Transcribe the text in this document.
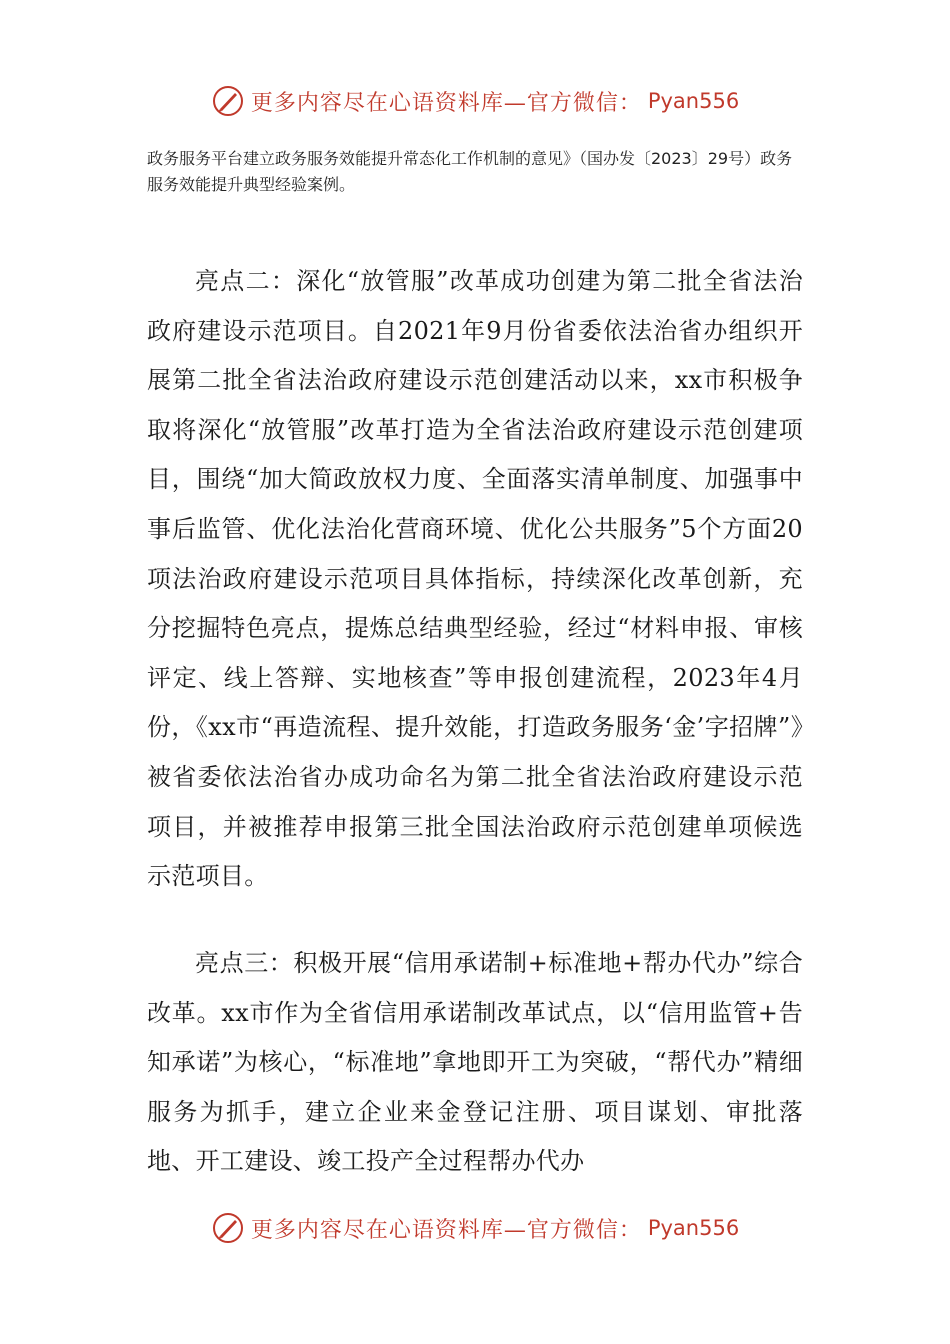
更多内容尽在心语资料库—官方微信： Pyan556
政务服务平台建立政务服务效能提升常态化工作机制的意见》（国办发〔2023〕29号）政务服务效能提升典型经验案例。

亮点二：深化“放管服”改革成功创建为第二批全省法治政府建设示范项目。自2021年9月份省委依法治省办组织开展第二批全省法治政府建设示范创建活动以来，xx市积极争取将深化“放管服”改革打造为全省法治政府建设示范创建项目，围绕“加大简政放权力度、全面落实清单制度、加强事中事后监管、优化法治化营商环境、优化公共服务”5个方面20项法治政府建设示范项目具体指标，持续深化改革创新，充分挖掘特色亮点，提炼总结典型经验，经过“材料申报、审核评定、线上答辩、实地核查”等申报创建流程，2023年4月份，《xx市“再造流程、提升效能，打造政务服务‘金’字招牌”》被省委依法治省办成功命名为第二批全省法治政府建设示范项目，并被推荐申报第三批全国法治政府示范创建单项候选示范项目。

亮点三：积极开展“信用承诺制+标准地+帮办代办”综合改革。xx市作为全省信用承诺制改革试点，以“信用监管+告知承诺”为核心，“标准地”拿地即开工为突破，“帮代办”精细服务为抓手，建立企业来金登记注册、项目谋划、审批落地、开工建设、竣工投产全过程帮办代办

更多内容尽在心语资料库—官方微信： Pyan556
